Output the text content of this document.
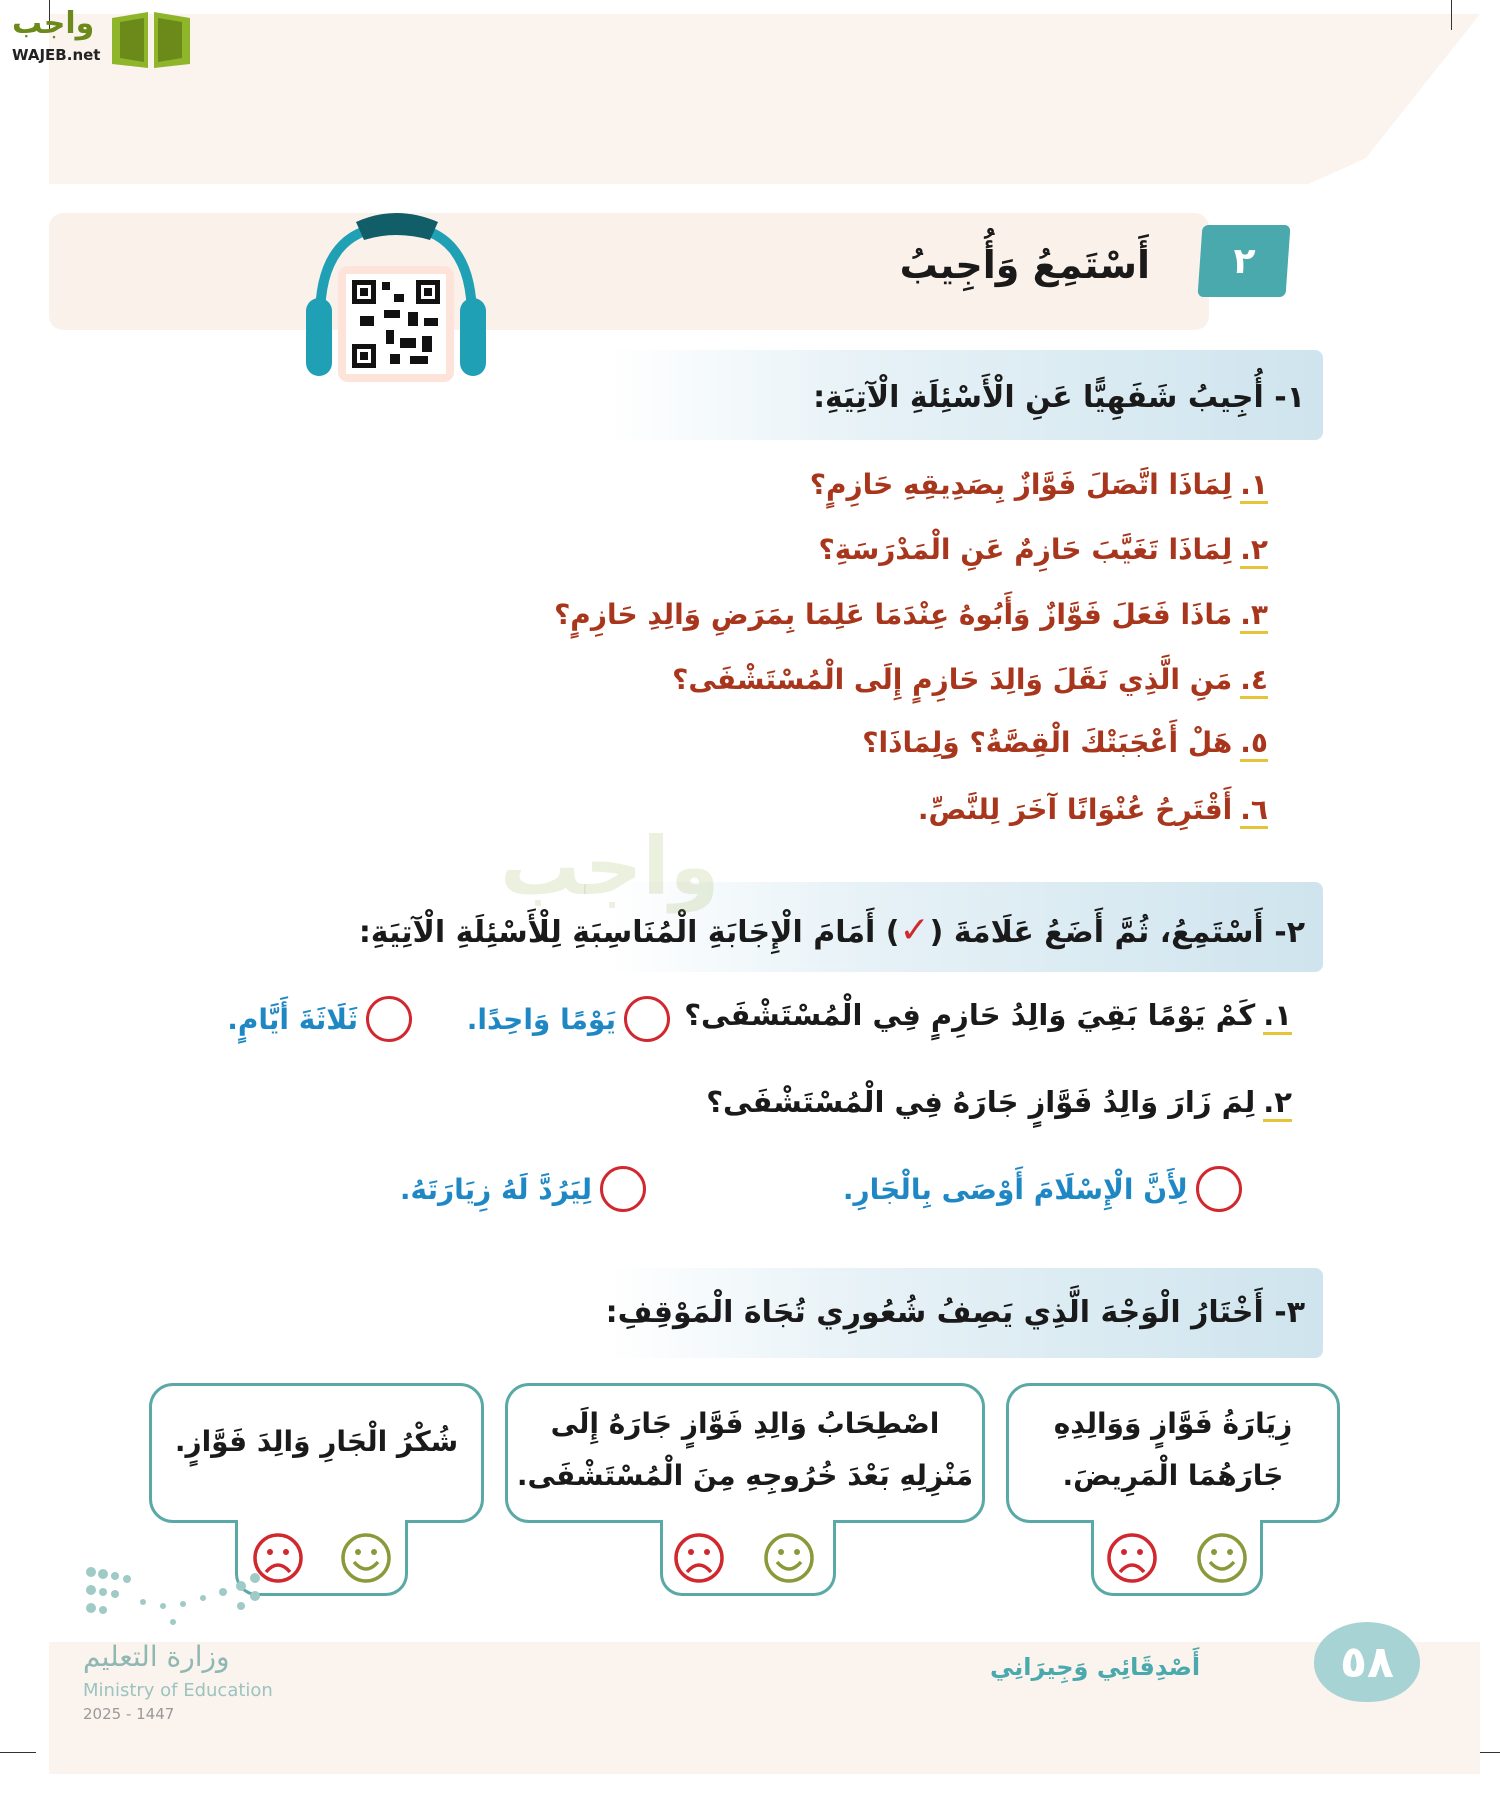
واجب
WAJEB.net
٢
أَسْتَمِعُ وَأُجِيبُ
١- أُجِيبُ شَفَهِيًّا عَنِ الْأَسْئِلَةِ الْآتِيَةِ:
١.لِمَاذَا اتَّصَلَ فَوَّازٌ بِصَدِيقِهِ حَازِمٍ؟
٢.لِمَاذَا تَغَيَّبَ حَازِمٌ عَنِ الْمَدْرَسَةِ؟
٣.مَاذَا فَعَلَ فَوَّازٌ وَأَبُوهُ عِنْدَمَا عَلِمَا بِمَرَضِ وَالِدِ حَازِمٍ؟
٤.مَنِ الَّذِي نَقَلَ وَالِدَ حَازِمٍ إِلَى الْمُسْتَشْفَى؟
٥.هَلْ أَعْجَبَتْكَ الْقِصَّةُ؟ وَلِمَاذَا؟
٦.أَقْتَرِحُ عُنْوَانًا آخَرَ لِلنَّصِّ.
٢- أَسْتَمِعُ، ثُمَّ أَضَعُ عَلَامَةَ (✓) أَمَامَ الْإِجَابَةِ الْمُنَاسِبَةِ لِلْأَسْئِلَةِ الْآتِيَةِ:
واجب
١.كَمْ يَوْمًا بَقِيَ وَالِدُ حَازِمٍ فِي الْمُسْتَشْفَى؟
يَوْمًا وَاحِدًا.
ثَلَاثَةَ أَيَّامٍ.
٢.لِمَ زَارَ وَالِدُ فَوَّازٍ جَارَهُ فِي الْمُسْتَشْفَى؟
لِأَنَّ الْإِسْلَامَ أَوْصَى بِالْجَارِ.
لِيَرُدَّ لَهُ زِيَارَتَهُ.
٣- أَخْتَارُ الْوَجْهَ الَّذِي يَصِفُ شُعُورِي تُجَاهَ الْمَوْقِفِ:
زِيَارَةُ فَوَّازٍ وَوَالِدِهِ
جَارَهُمَا الْمَرِيضَ.
اصْطِحَابُ وَالِدِ فَوَّازٍ جَارَهُ إِلَى
مَنْزِلِهِ بَعْدَ خُرُوجِهِ مِنَ الْمُسْتَشْفَى.
شُكْرُ الْجَارِ وَالِدَ فَوَّازٍ.
٥٨
أَصْدِقَائِي وَجِيرَانِي
وزارة التعليم
Ministry of Education
2025 - 1447
